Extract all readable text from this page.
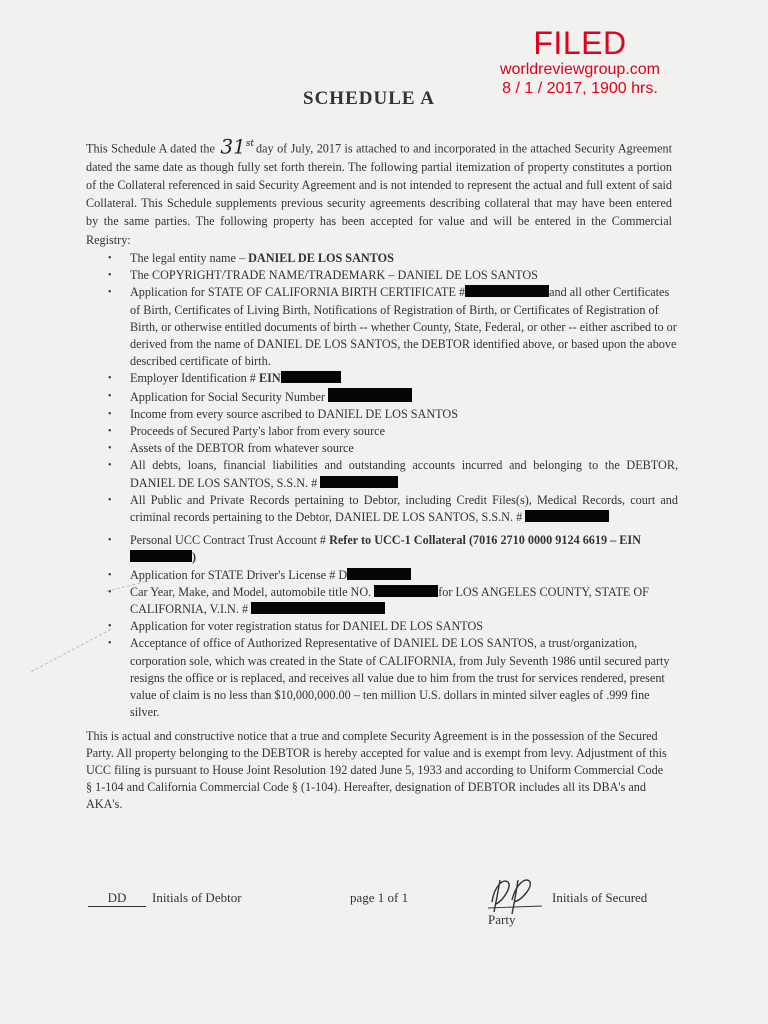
FILED
worldreviewgroup.com
8 / 1 / 2017, 1900 hrs.
SCHEDULE A
This Schedule A dated the 31st day of July, 2017 is attached to and incorporated in the attached Security Agreement dated the same date as though fully set forth therein. The following partial itemization of property constitutes a portion of the Collateral referenced in said Security Agreement and is not intended to represent the actual and full extent of said Collateral. This Schedule supplements previous security agreements describing collateral that may have been entered by the same parties. The following property has been accepted for value and will be entered in the Commercial Registry:
• The legal entity name – DANIEL DE LOS SANTOS
• The COPYRIGHT/TRADE NAME/TRADEMARK – DANIEL DE LOS SANTOS
• Application for STATE OF CALIFORNIA BIRTH CERTIFICATE #	and all other Certificates of Birth, Certificates of Living Birth, Notifications of Registration of Birth, or Certificates of Registration of Birth, or otherwise entitled documents of birth -- whether County, State, Federal, or other -- either ascribed to or derived from the name of DANIEL DE LOS SANTOS, the DEBTOR identified above, or based upon the above described certificate of birth.
• Employer Identification # EIN
• Application for Social Security Number
• Income from every source ascribed to DANIEL DE LOS SANTOS
• Proceeds of Secured Party's labor from every source
• Assets of the DEBTOR from whatever source
• All debts, loans, financial liabilities and outstanding accounts incurred and belonging to the DEBTOR, DANIEL DE LOS SANTOS, S.S.N. #
• All Public and Private Records pertaining to Debtor, including Credit Files(s), Medical Records, court and criminal records pertaining to the Debtor, DANIEL DE LOS SANTOS, S.S.N. #
• Personal UCC Contract Trust Account # Refer to UCC-1 Collateral (7016 2710 0000 9124 6619 – EIN)
• Application for STATE Driver's License # D
• Car Year, Make, and Model, automobile title NO.	for LOS ANGELES COUNTY, STATE OF CALIFORNIA, V.I.N. #
• Application for voter registration status for DANIEL DE LOS SANTOS
• Acceptance of office of Authorized Representative of DANIEL DE LOS SANTOS, a trust/organization, corporation sole, which was created in the State of CALIFORNIA, from July Seventh 1986 until secured party resigns the office or is replaced, and receives all value due to him from the trust for services rendered, present value of claim is no less than $10,000,000.00 – ten million U.S. dollars in minted silver eagles of .999 fine silver.
This is actual and constructive notice that a true and complete Security Agreement is in the possession of the Secured Party. All property belonging to the DEBTOR is hereby accepted for value and is exempt from levy. Adjustment of this UCC filing is pursuant to House Joint Resolution 192 dated June 5, 1933 and according to Uniform Commercial Code § 1-104 and California Commercial Code § (1-104). Hereafter, designation of DEBTOR includes all its DBA's and AKA's.
DD Initials of Debtor	page 1 of 1	Initials of Secured
Party
